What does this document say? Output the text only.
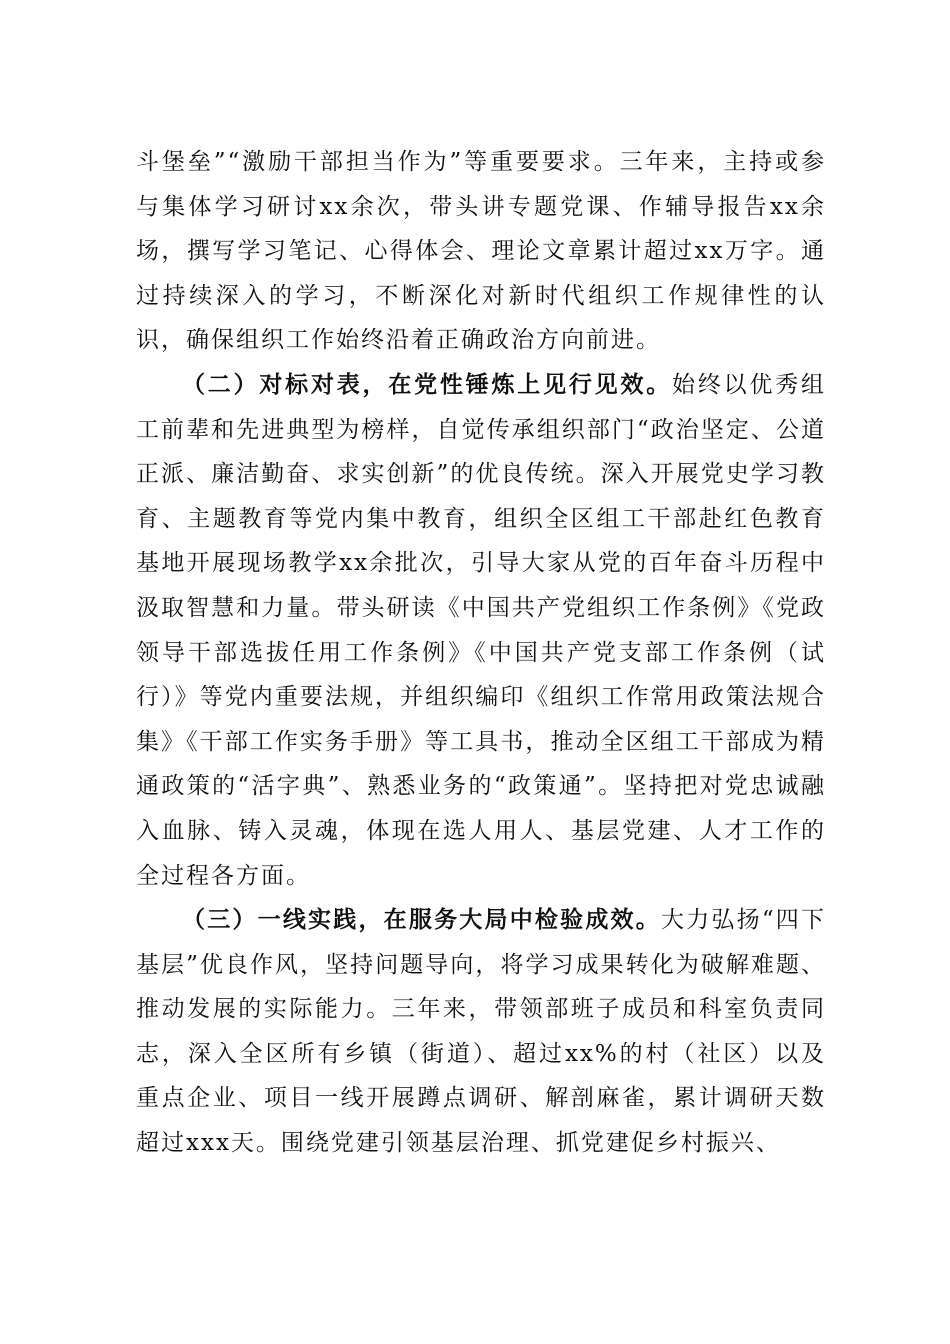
斗堡垒”“激励干部担当作为”等重要要求。三年来，主持或参与集体学习研讨xx余次，带头讲专题党课、作辅导报告xx余场，撰写学习笔记、心得体会、理论文章累计超过xx万字。通过持续深入的学习，不断深化对新时代组织工作规律性的认识，确保组织工作始终沿着正确政治方向前进。

（二）对标对表，在党性锤炼上见行见效。始终以优秀组工前辈和先进典型为榜样，自觉传承组织部门“政治坚定、公道正派、廉洁勤奋、求实创新”的优良传统。深入开展党史学习教育、主题教育等党内集中教育，组织全区组工干部赴红色教育基地开展现场教学xx余批次，引导大家从党的百年奋斗历程中汲取智慧和力量。带头研读《中国共产党组织工作条例》《党政领导干部选拔任用工作条例》《中国共产党支部工作条例（试行）》等党内重要法规，并组织编印《组织工作常用政策法规合集》《干部工作实务手册》等工具书，推动全区组工干部成为精通政策的“活字典”、熟悉业务的“政策通”。坚持把对党忠诚融入血脉、铸入灵魂，体现在选人用人、基层党建、人才工作的全过程各方面。

（三）一线实践，在服务大局中检验成效。大力弘扬“四下基层”优良作风，坚持问题导向，将学习成果转化为破解难题、推动发展的实际能力。三年来，带领部班子成员和科室负责同志，深入全区所有乡镇（街道）、超过xx%的村（社区）以及重点企业、项目一线开展蹲点调研、解剖麻雀，累计调研天数超过xxx天。围绕党建引领基层治理、抓党建促乡村振兴、
